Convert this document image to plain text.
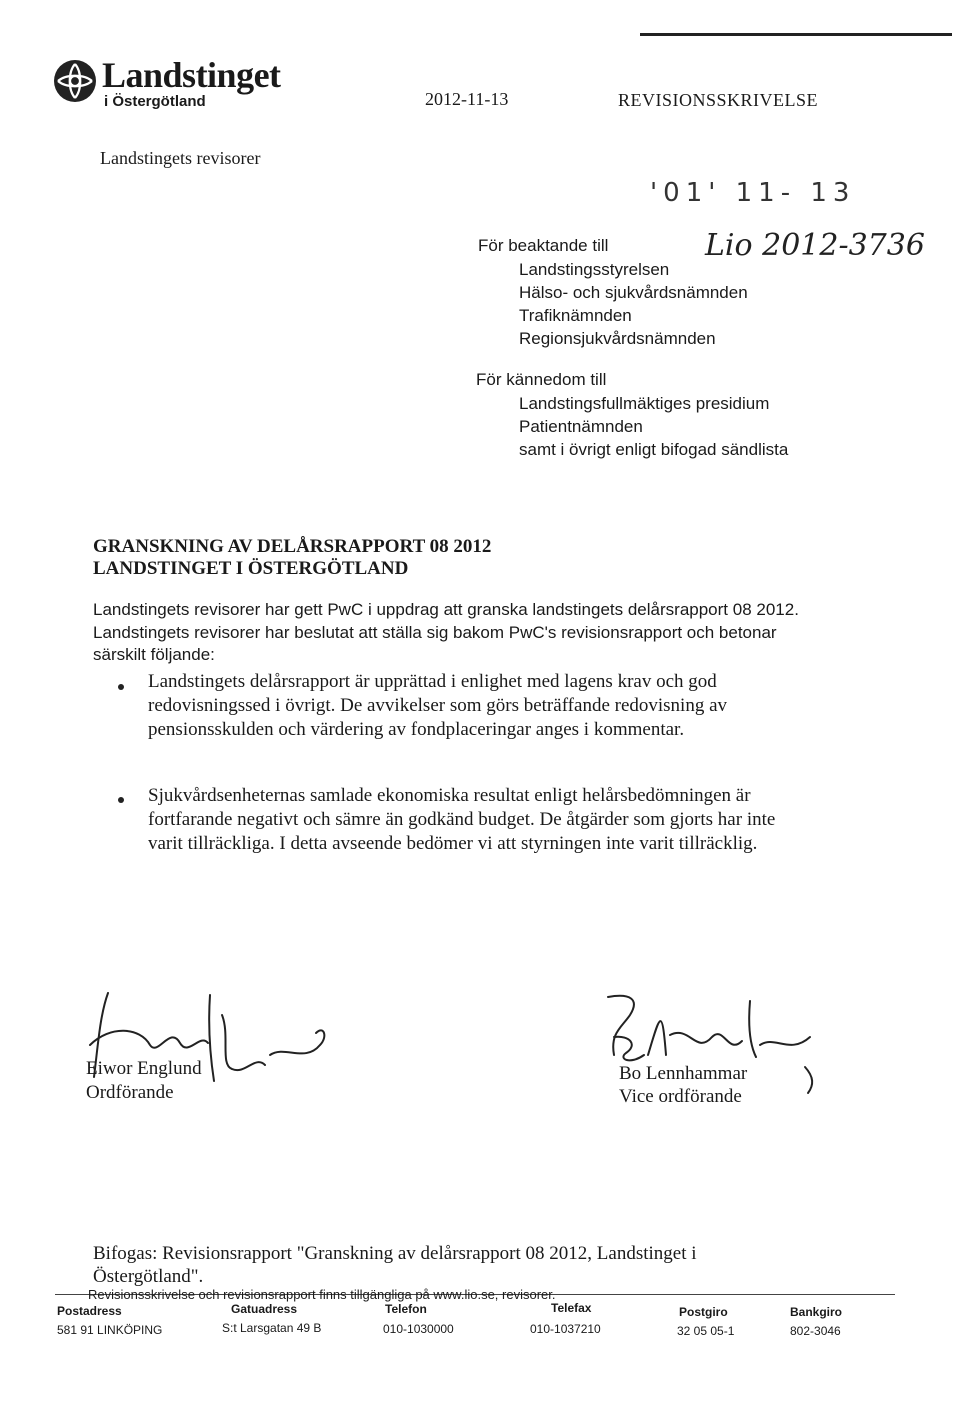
Landstinget
i Östergötland	2012-11-13	REVISIONSSKRIVELSE
Landstingets revisorer
'01' 11- 13
Lio 2012-3736
För beaktande till
Landstingsstyrelsen
Hälso- och sjukvårdsnämnden
Trafiknämnden
Regionsjukvårdsnämnden
För kännedom till
Landstingsfullmäktiges presidium
Patientnämnden
samt i övrigt enligt bifogad sändlista
GRANSKNING AV DELÅRSRAPPORT 08 2012
LANDSTINGET I ÖSTERGÖTLAND
Landstingets revisorer har gett PwC i uppdrag att granska landstingets delårsrapport 08 2012.
Landstingets revisorer har beslutat att ställa sig bakom PwC's revisionsrapport och betonar
särskilt följande:
Landstingets delårsrapport är upprättad i enlighet med lagens krav och god redovisningssed i övrigt. De avvikelser som görs beträffande redovisning av pensionsskulden och värdering av fondplaceringar anges i kommentar.
Sjukvårdsenheternas samlade ekonomiska resultat enligt helårsbedömningen är fortfarande negativt och sämre än godkänd budget. De åtgärder som gjorts har inte varit tillräckliga. I detta avseende bedömer vi att styrningen inte varit tillräcklig.
Eiwor Englund
Ordförande
Bo Lennhammar
Vice ordförande
Bifogas: Revisionsrapport "Granskning av delårsrapport 08 2012, Landstinget i
Östergötland".
Revisionsskrivelse och revisionsrapport finns tillgängliga på www.lio.se, revisorer.
Postadress
581 91 LINKÖPING
Gatuadress
S:t Larsgatan 49 B
Telefon
010-1030000
Telefax
010-1037210
Postgiro
32 05 05-1
Bankgiro
802-3046
